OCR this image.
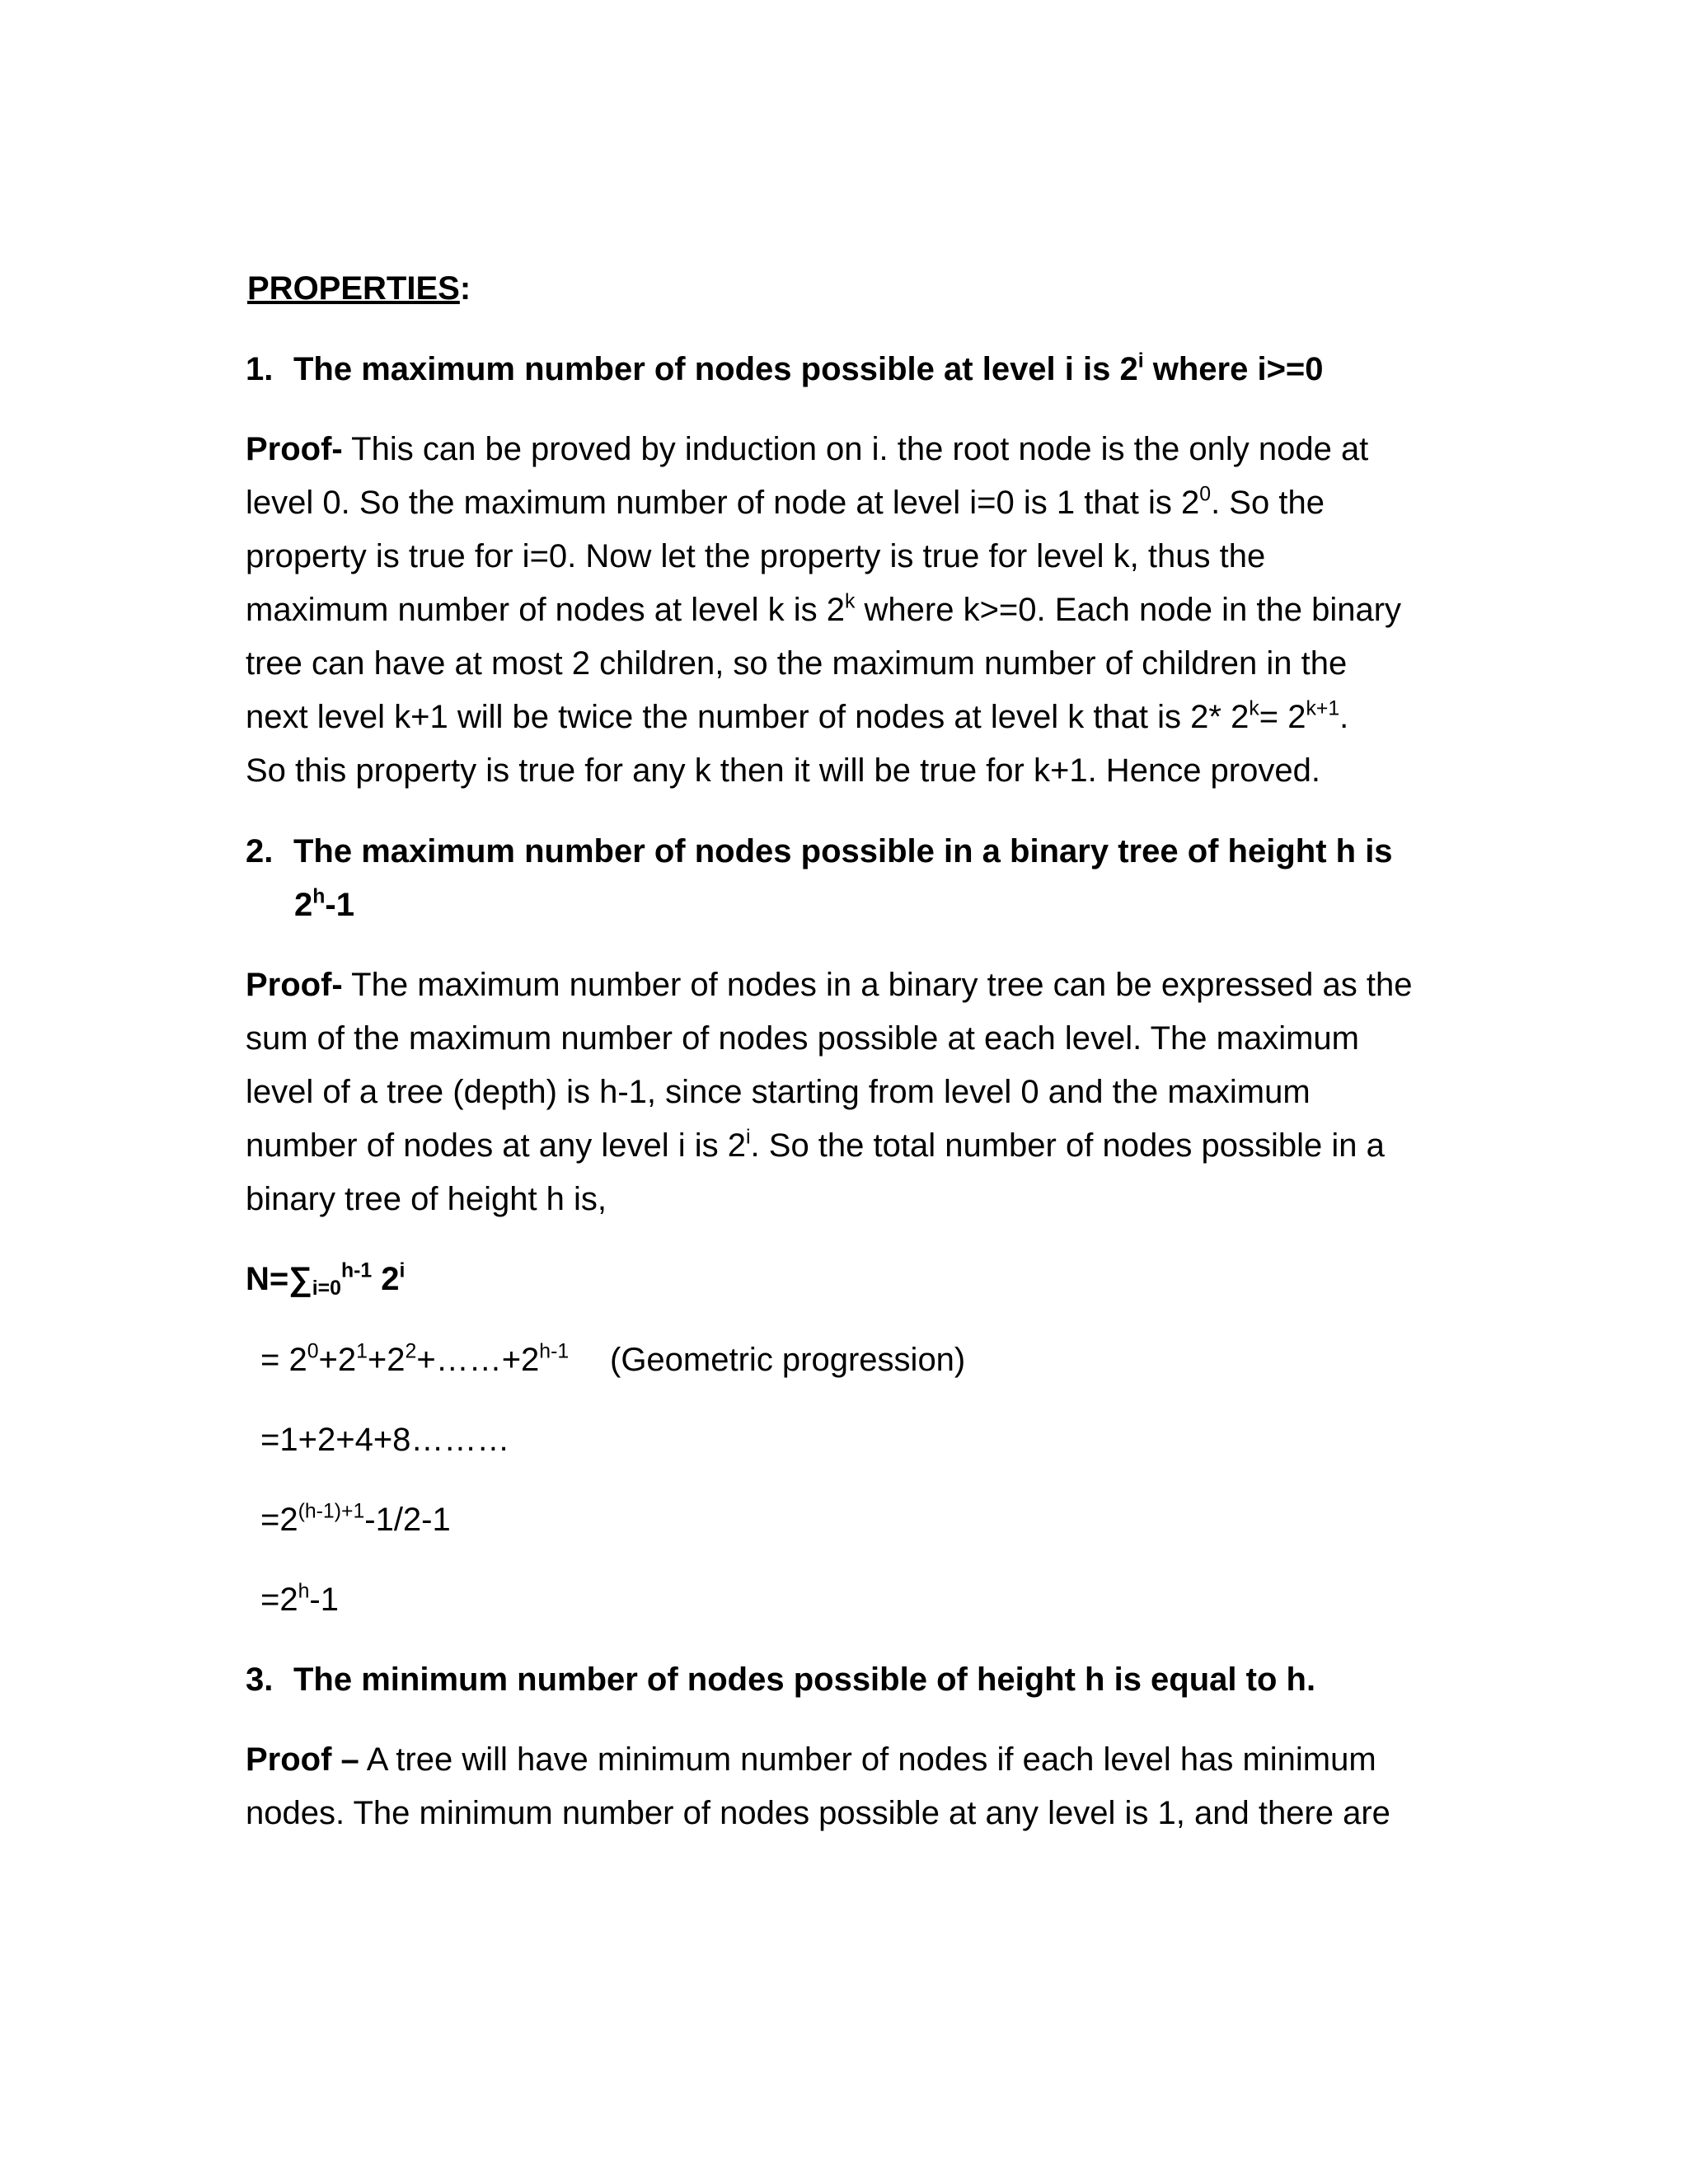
PROPERTIES:
1. The maximum number of nodes possible at level i is 2$^i$ where i>=0
Proof- This can be proved by induction on i. the root node is the only node at
level 0. So the maximum number of node at level i=0 is 1 that is $2^0$. So the
property is true for i=0. Now let the property is true for level k, thus the
maximum number of nodes at level k is 2$^k$ where k>=0. Each node in the binary
tree can have at most 2 children, so the maximum number of children in the
next level k+1 will be twice the number of nodes at level k that is 2* $2^k= 2^{k+1}$.
So this property is true for any k then it will be true for k+1. Hence proved.
2. The maximum number of nodes possible in a binary tree of height h is
2$^h$-1
Proof- The maximum number of nodes in a binary tree can be expressed as the
sum of the maximum number of nodes possible at each level. The maximum
level of a tree (depth) is h-1, since starting from level 0 and the maximum
number of nodes at any level i is 2$^i$. So the total number of nodes possible in a
binary tree of height h is,
$N=\sum_{i=0}^{h-1}$ $2^i$
= $2^0+2^1+2^2+\dots\dots+2^{h-1}$ (Geometric progression)
=1+2+4+8………
$=2^{(h-1)+1}-1/2-1$
$=2^h-1$
3. The minimum number of nodes possible of height h is equal to h.
Proof – A tree will have minimum number of nodes if each level has minimum
nodes. The minimum number of nodes possible at any level is 1, and there are
